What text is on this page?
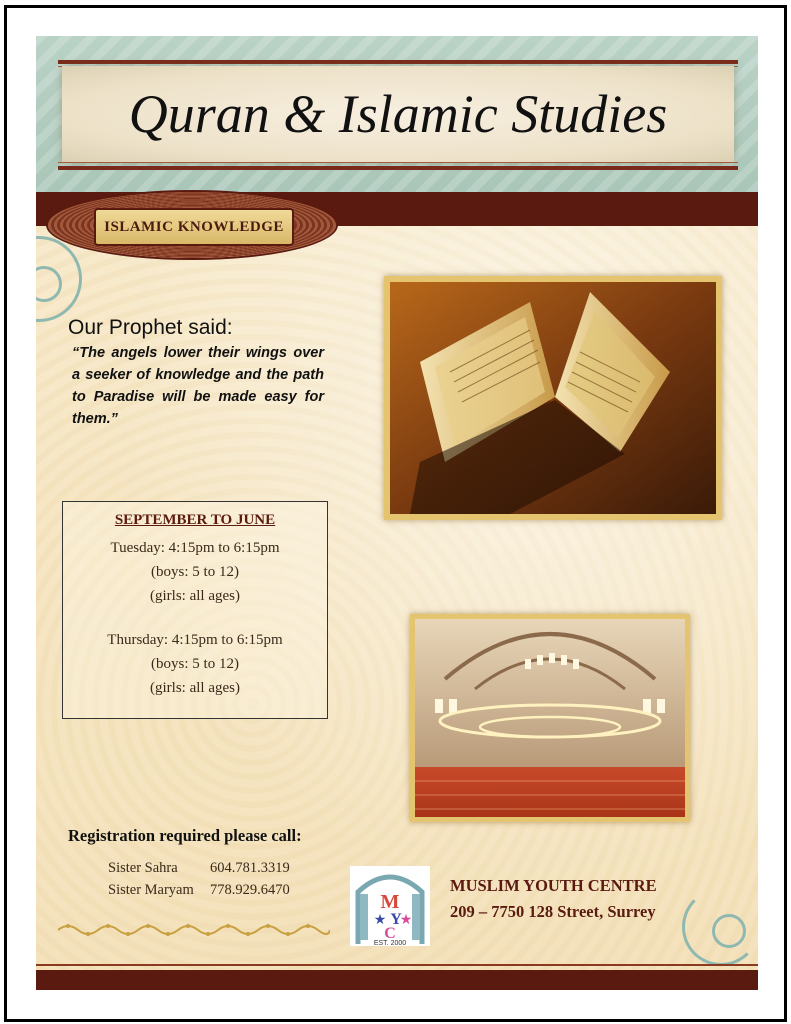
Quran & Islamic Studies
ISLAMIC KNOWLEDGE
Our Prophet said:
“The angels lower their wings over a seeker of knowledge and the path to Paradise will be made easy for them.”
SEPTEMBER TO JUNE
Tuesday: 4:15pm to 6:15pm
(boys: 5 to 12)
(girls: all ages)
Thursday: 4:15pm to 6:15pm
(boys: 5 to 12)
(girls: all ages)
Registration required please call:
Sister Sahra 604.781.3319
Sister Maryam 778.929.6470
M
★ Y
★
C
EST. 2000
MUSLIM YOUTH CENTRE
209 – 7750 128 Street, Surrey
